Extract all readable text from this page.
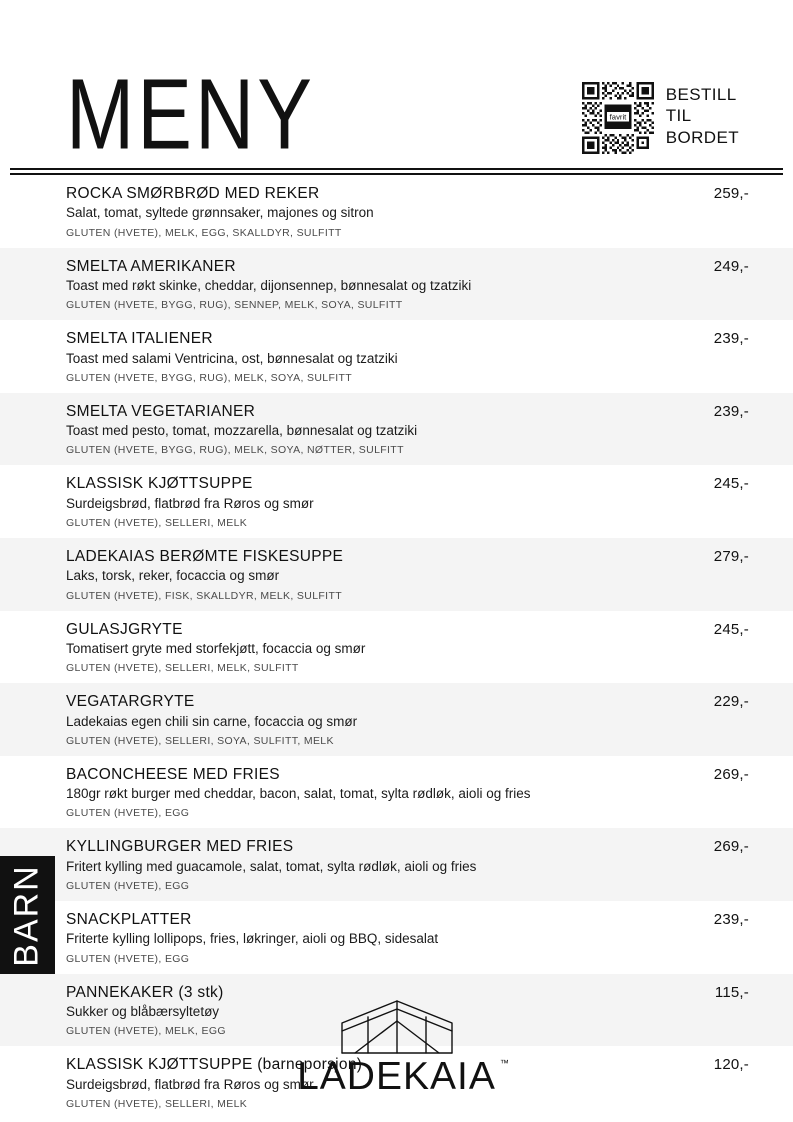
MENY	favrit
BESTILL
TIL
BORDET
ROCKA SMØRBRØD MED REKER
Salat, tomat, syltede grønnsaker, majones og sitron
GLUTEN (HVETE), MELK, EGG, SKALLDYR, SULFITT
259,-
SMELTA AMERIKANER
Toast med røkt skinke, cheddar, dijonsennep, bønnesalat og tzatziki
GLUTEN (HVETE, BYGG, RUG), SENNEP, MELK, SOYA, SULFITT
249,-
SMELTA ITALIENER
Toast med salami Ventricina, ost, bønnesalat og tzatziki
GLUTEN (HVETE, BYGG, RUG), MELK, SOYA, SULFITT
239,-
SMELTA VEGETARIANER
Toast med pesto, tomat, mozzarella, bønnesalat og tzatziki
GLUTEN (HVETE, BYGG, RUG), MELK, SOYA, NØTTER, SULFITT
239,-
KLASSISK KJØTTSUPPE
Surdeigsbrød, flatbrød fra Røros og smør
GLUTEN (HVETE), SELLERI, MELK
245,-
LADEKAIAS BERØMTE FISKESUPPE
Laks, torsk, reker, focaccia og smør
GLUTEN (HVETE), FISK, SKALLDYR, MELK, SULFITT
279,-
GULASJGRYTE
Tomatisert gryte med storfekjøtt, focaccia og smør
GLUTEN (HVETE), SELLERI, MELK, SULFITT
245,-
VEGATARGRYTE
Ladekaias egen chili sin carne, focaccia og smør
GLUTEN (HVETE), SELLERI, SOYA, SULFITT, MELK
229,-
BACONCHEESE MED FRIES
180gr røkt burger med cheddar, bacon, salat, tomat, sylta rødløk, aioli og fries
GLUTEN (HVETE), EGG
269,-
KYLLINGBURGER MED FRIES
Fritert kylling med guacamole, salat, tomat, sylta rødløk, aioli og fries
GLUTEN (HVETE), EGG
269,-
SNACKPLATTER
Friterte kylling lollipops, fries, løkringer, aioli og BBQ, sidesalat
GLUTEN (HVETE), EGG
239,-
PANNEKAKER (3 stk)
Sukker og blåbærsyltetøy
GLUTEN (HVETE), MELK, EGG
115,-
KLASSISK KJØTTSUPPE (barneporsjon)
Surdeigsbrød, flatbrød fra Røros og smør
GLUTEN (HVETE), SELLERI, MELK
120,-
BARN
LADEKAIA ™
